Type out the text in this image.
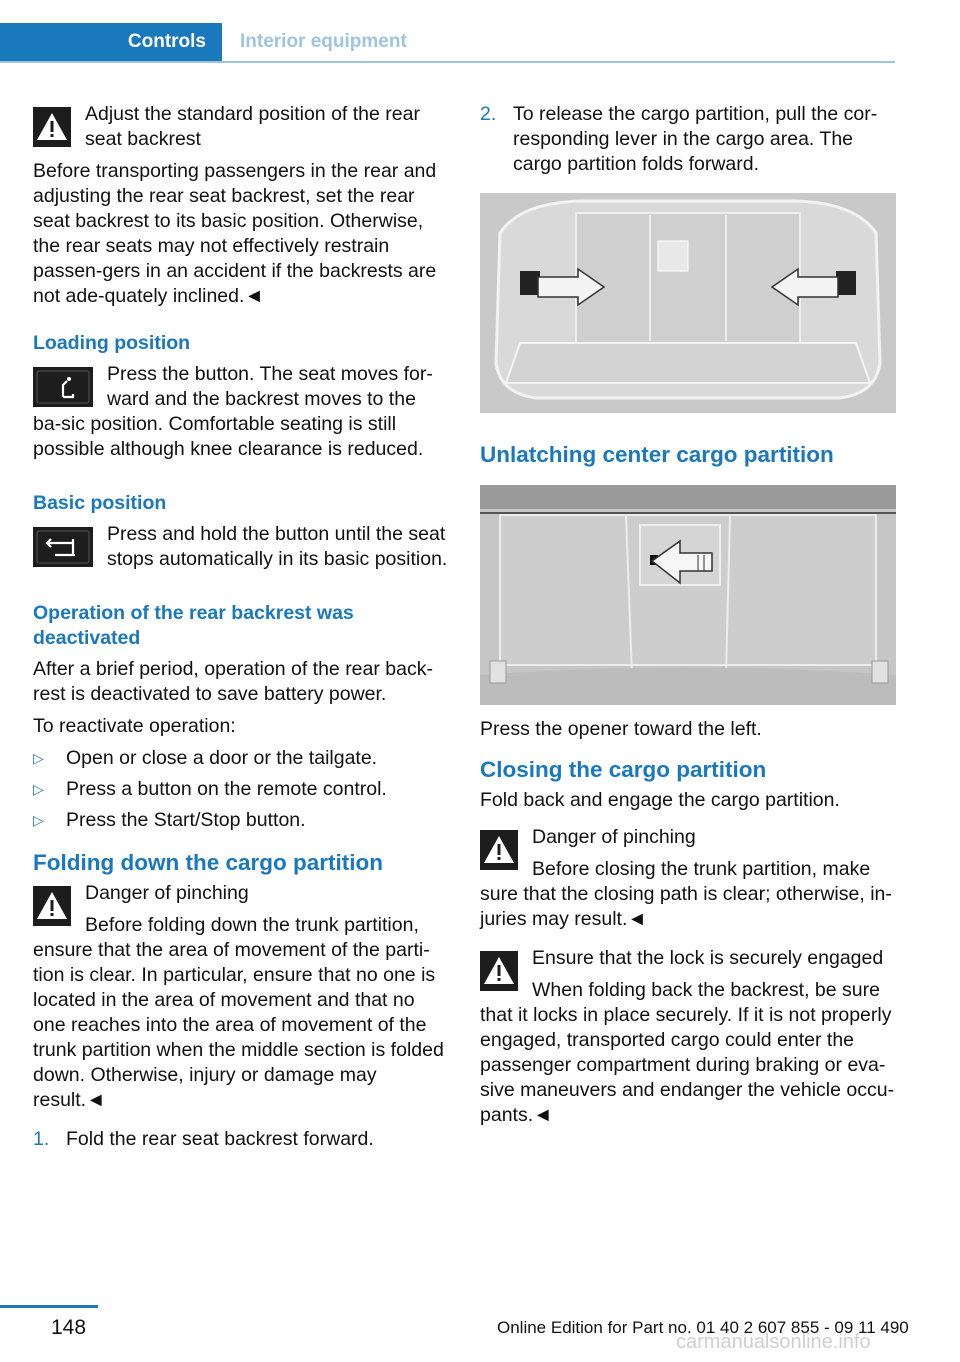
Controls	Interior equipment

Adjust the standard position of the rear seat backrest

Before transporting passengers in the rear and adjusting the rear seat backrest, set the rear seat backrest to its basic position. Otherwise, the rear seats may not effectively restrain passen-gers in an accident if the backrests are not ade-quately inclined.◄

Loading position

Press the button. The seat moves for-ward and the backrest moves to the ba-sic position. Comfortable seating is still possible although knee clearance is reduced.

Basic position

Press and hold the button until the seat stops automatically in its basic position.

Operation of the rear backrest was deactivated

After a brief period, operation of the rear back-rest is deactivated to save battery power.

To reactivate operation:

▷ Open or close a door or the tailgate.
▷ Press a button on the remote control.
▷ Press the Start/Stop button.
Folding down the cargo partition

Danger of pinching

Before folding down the trunk partition, ensure that the area of movement of the parti-tion is clear. In particular, ensure that no one is located in the area of movement and that no one reaches into the area of movement of the trunk partition when the middle section is folded down. Otherwise, injury or damage may result.◄

1. Fold the rear seat backrest forward.
2. To release the cargo partition, pull the cor-responding lever in the cargo area. The cargo partition folds forward.
Unlatching center cargo partition

Press the opener toward the left.

Closing the cargo partition

Fold back and engage the cargo partition.

Danger of pinching

Before closing the trunk partition, make sure that the closing path is clear; otherwise, in-juries may result.◄

Ensure that the lock is securely engaged

When folding back the backrest, be sure that it locks in place securely. If it is not properly engaged, transported cargo could enter the passenger compartment during braking or eva-sive maneuvers and endanger the vehicle occu-pants.◄

148	Online Edition for Part no. 01 40 2 607 855 - 09 11 490
carmanualsonline.info
